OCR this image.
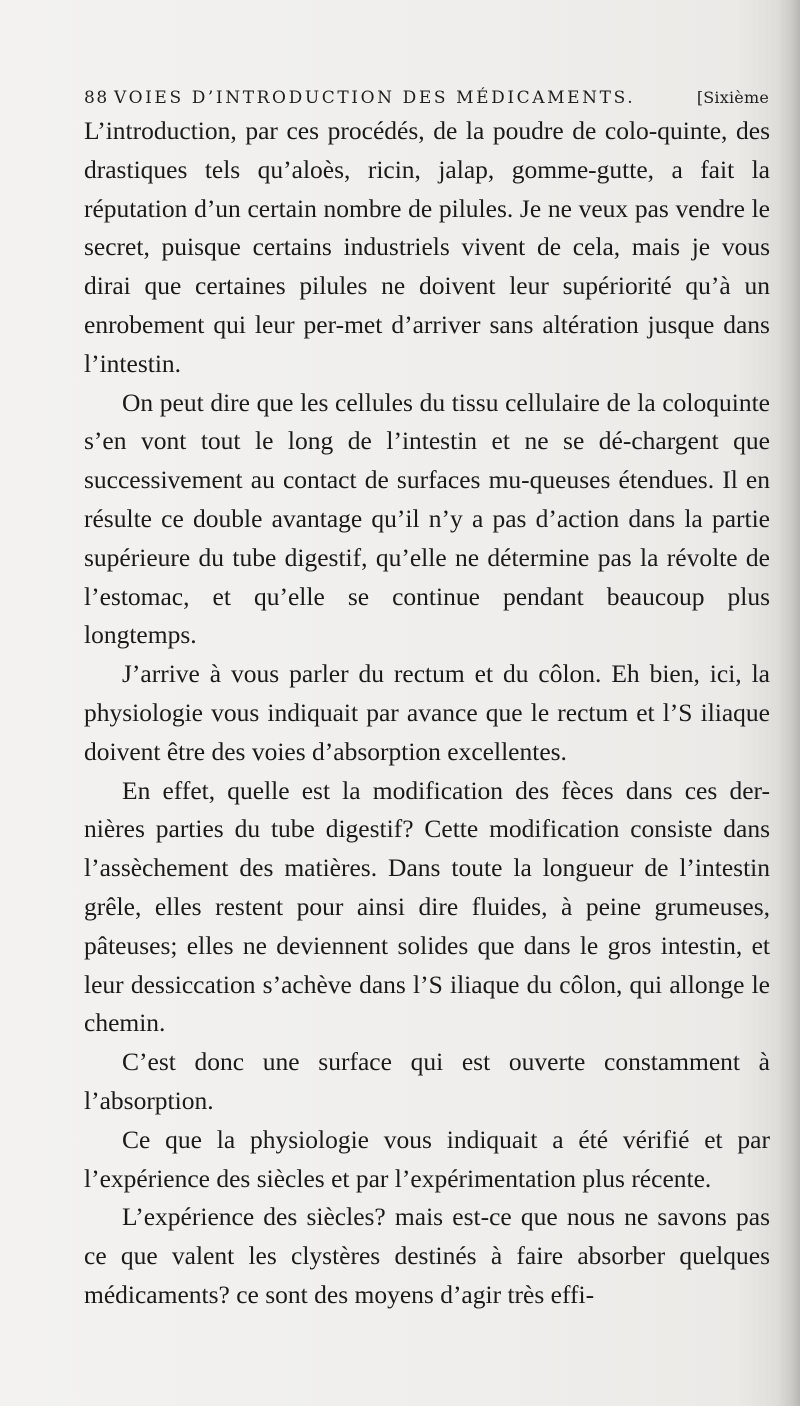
88 VOIES D’INTRODUCTION DES MÉDICAMENTS.	[Sixième

L’introduction, par ces procédés, de la poudre de colo-quinte, des drastiques tels qu’aloès, ricin, jalap, gomme-gutte, a fait la réputation d’un certain nombre de pilules. Je ne veux pas vendre le secret, puisque certains industriels vivent de cela, mais je vous dirai que certaines pilules ne doivent leur supériorité qu’à un enrobement qui leur per-met d’arriver sans altération jusque dans l’intestin.

On peut dire que les cellules du tissu cellulaire de la coloquinte s’en vont tout le long de l’intestin et ne se dé-chargent que successivement au contact de surfaces mu-queuses étendues. Il en résulte ce double avantage qu’il n’y a pas d’action dans la partie supérieure du tube digestif, qu’elle ne détermine pas la révolte de l’estomac, et qu’elle se continue pendant beaucoup plus longtemps.

J’arrive à vous parler du rectum et du côlon. Eh bien, ici, la physiologie vous indiquait par avance que le rectum et l’S iliaque doivent être des voies d’absorption excellentes.

En effet, quelle est la modification des fèces dans ces der-nières parties du tube digestif? Cette modification consiste dans l’assèchement des matières. Dans toute la longueur de l’intestin grêle, elles restent pour ainsi dire fluides, à peine grumeuses, pâteuses; elles ne deviennent solides que dans le gros intestin, et leur dessiccation s’achève dans l’S iliaque du côlon, qui allonge le chemin.

C’est donc une surface qui est ouverte constamment à l’absorption.

Ce que la physiologie vous indiquait a été vérifié et par l’expérience des siècles et par l’expérimentation plus récente.

L’expérience des siècles? mais est-ce que nous ne savons pas ce que valent les clystères destinés à faire absorber quelques médicaments? ce sont des moyens d’agir très effi-
